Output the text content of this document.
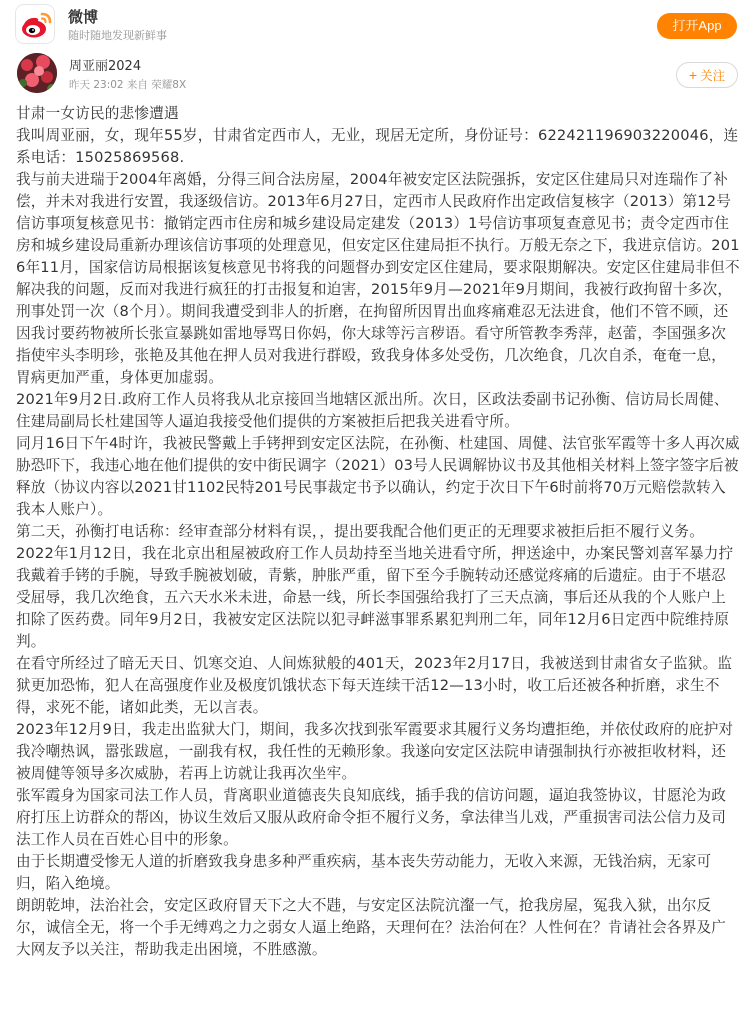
微博
随时随地发现新鲜事
打开App
周亚丽2024
昨天 23:02 来自 荣耀8X
+ 关注
甘肃一女访民的悲惨遭遇

我叫周亚丽，女，现年55岁，甘肃省定西市人，无业，现居无定所，身份证号：622421196903220046，连系电话：15025869568.

我与前夫进瑞于2004年离婚，分得三间合法房屋，2004年被安定区法院强拆，安定区住建局只对连瑞作了补偿，并未对我进行安置，我逐级信访。2013年6月27日，定西市人民政府作出定政信复核字（2013）第12号信访事项复核意见书：撤销定西市住房和城乡建设局定建发（2013）1号信访事项复查意见书；责令定西市住房和城乡建设局重新办理该信访事项的处理意见，但安定区住建局拒不执行。万般无奈之下，我进京信访。2016年11月，国家信访局根据该复核意见书将我的问题督办到安定区住建局，要求限期解决。安定区住建局非但不解决我的问题，反而对我进行疯狂的打击报复和迫害，2015年9月—2021年9月期间，我被行政拘留十多次，刑事处罚一次（8个月）。期间我遭受到非人的折磨，在拘留所因胃出血疼痛难忍无法进食，他们不管不顾，还因我讨要药物被所长张宣暴跳如雷地辱骂日你妈，你大球等污言秽语。看守所管教李秀萍，赵蕾，李国强多次指使牢头李明珍，张艳及其他在押人员对我进行群殴，致我身体多处受伤，几次绝食，几次自杀，奄奄一息，胃病更加严重，身体更加虚弱。

2021年9月2日.政府工作人员将我从北京接回当地辖区派出所。次日，区政法委副书记孙衡、信访局长周健、住建局副局长杜建国等人逼迫我接受他们提供的方案被拒后把我关进看守所。

同月16日下午4时许，我被民警戴上手铐押到安定区法院，在孙衡、杜建国、周健、法官张军霞等十多人再次威胁恐吓下，我违心地在他们提供的安中街民调字（2021）03号人民调解协议书及其他相关材料上签字签字后被释放（协议内容以2021甘1102民特201号民事裁定书予以确认，约定于次日下午6时前将70万元赔偿款转入我本人账户）。

第二天，孙衡打电话称：经审查部分材料有误，，提出要我配合他们更正的无理要求被拒后拒不履行义务。

2022年1月12日，我在北京出租屋被政府工作人员劫持至当地关进看守所，押送途中，办案民警刘喜军暴力拧我戴着手铐的手腕，导致手腕被划破，青紫，肿胀严重，留下至今手腕转动还感觉疼痛的后遗症。由于不堪忍受屈辱，我几次绝食，五六天水米未进，命悬一线，所长李国强给我打了三天点滴，事后还从我的个人账户上扣除了医药费。同年9月2日，我被安定区法院以犯寻衅滋事罪系累犯判刑二年，同年12月6日定西中院维持原判。

在看守所经过了暗无天日、饥寒交迫、人间炼狱般的401天，2023年2月17日，我被送到甘肃省女子监狱。监狱更加恐怖，犯人在高强度作业及极度饥饿状态下每天连续干活12—13小时，收工后还被各种折磨，求生不得，求死不能，诸如此类，无以言表。

2023年12月9日，我走出监狱大门，期间，我多次找到张军霞要求其履行义务均遭拒绝，并依仗政府的庇护对我冷嘲热讽，嚣张跋扈，一副我有权，我任性的无赖形象。我遂向安定区法院申请强制执行亦被拒收材料，还被周健等领导多次威胁，若再上访就让我再次坐牢。

张军霞身为国家司法工作人员，背离职业道德丧失良知底线，插手我的信访问题，逼迫我签协议，甘愿沦为政府打压上访群众的帮凶，协议生效后又服从政府命令拒不履行义务，拿法律当儿戏，严重损害司法公信力及司法工作人员在百姓心目中的形象。

由于长期遭受惨无人道的折磨致我身患多种严重疾病，基本丧失劳动能力，无收入来源，无钱治病，无家可归，陷入绝境。

朗朗乾坤，法治社会，安定区政府冒天下之大不韪，与安定区法院沆瀣一气，抢我房屋，冤我入狱，出尔反尔，诚信全无，将一个手无缚鸡之力之弱女人逼上绝路，天理何在？法治何在？人性何在？肯请社会各界及广大网友予以关注，帮助我走出困境，不胜感激。
